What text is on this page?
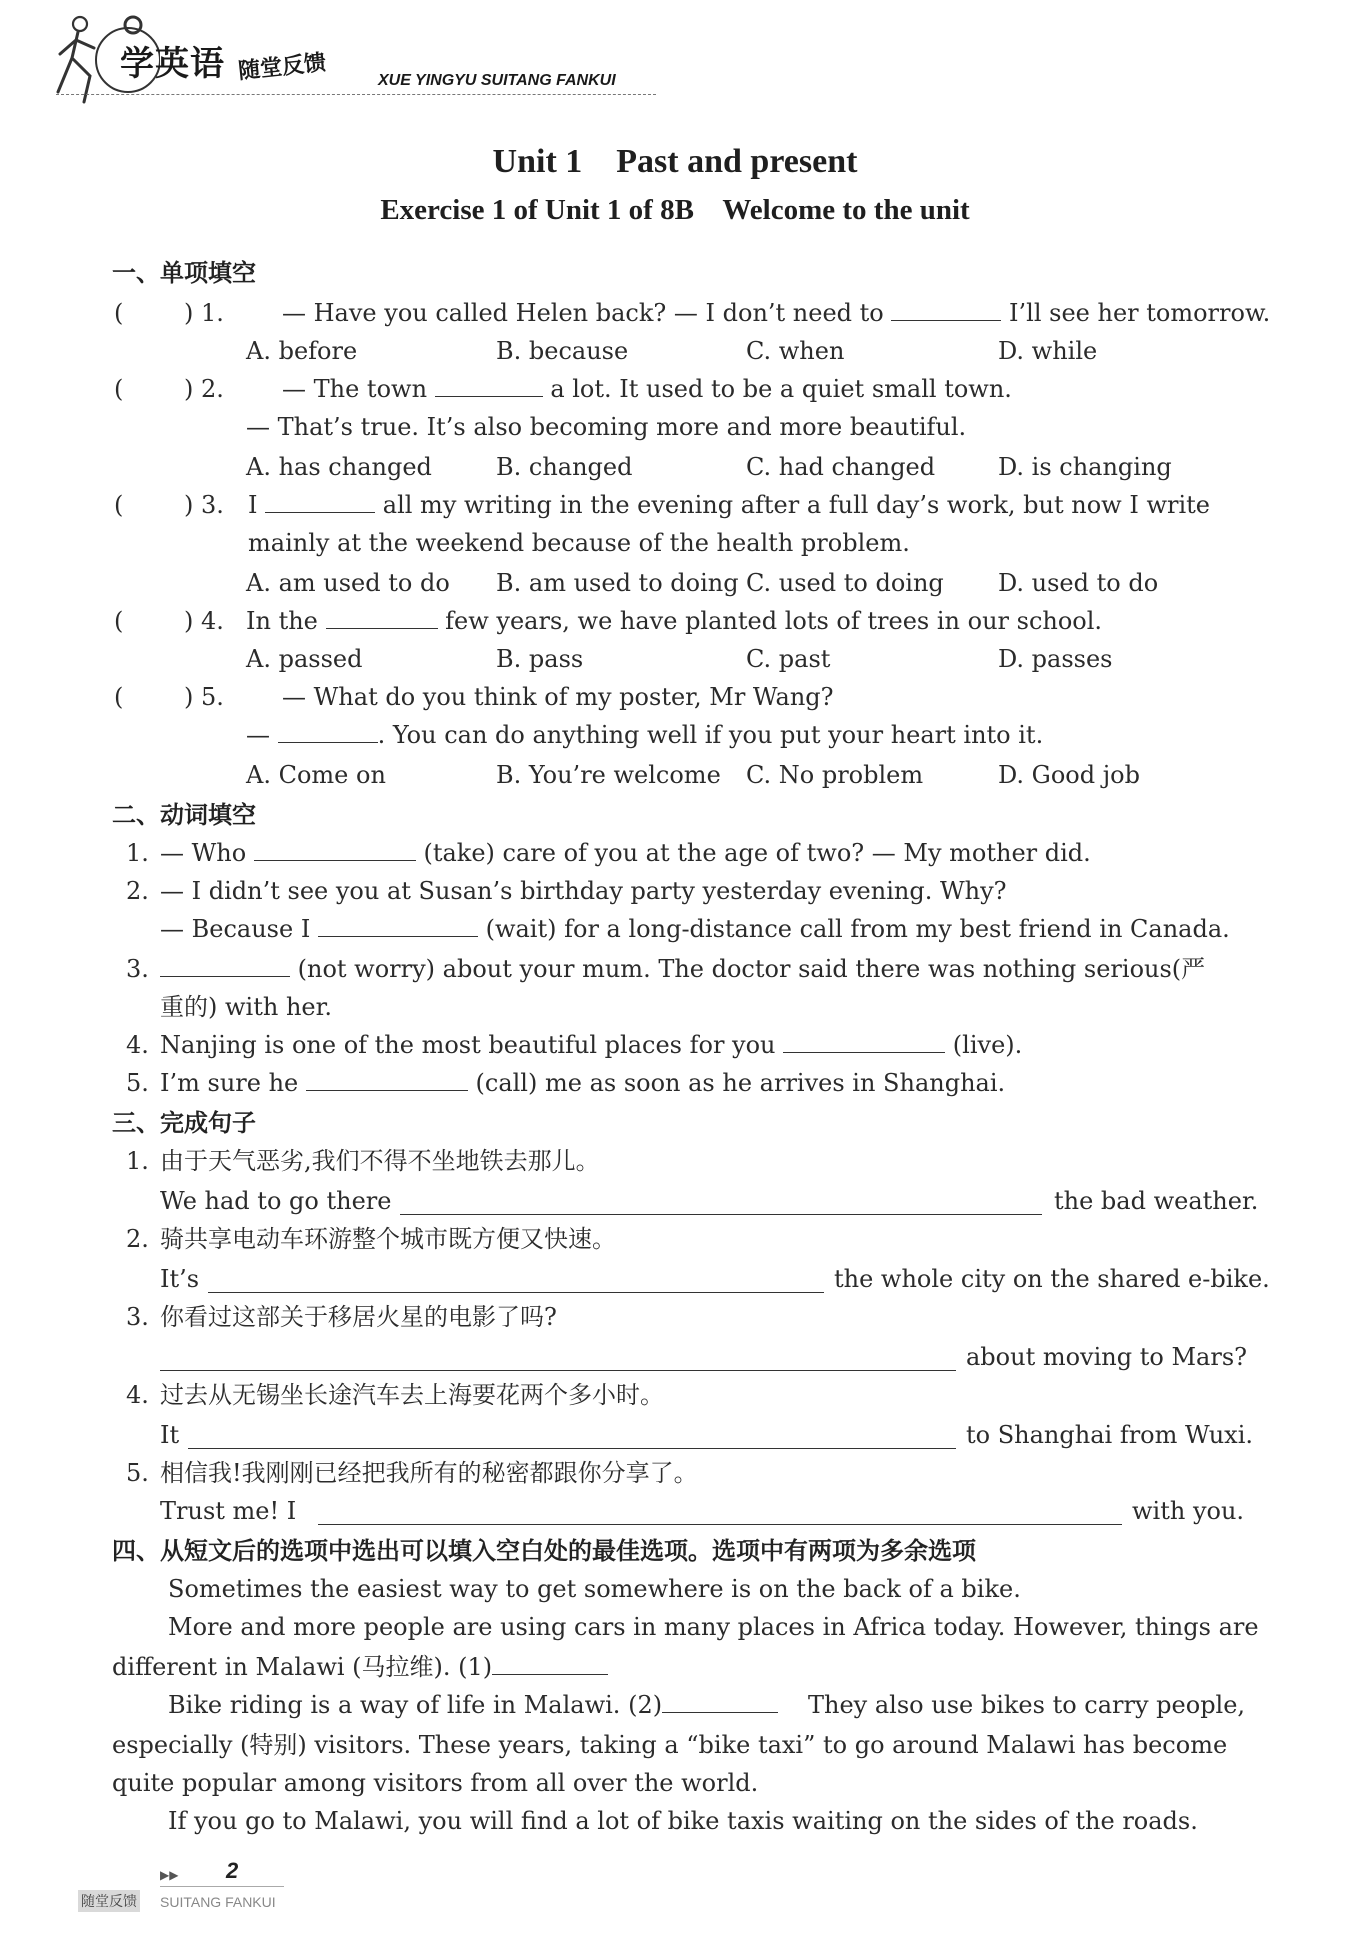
学英语 随堂反馈	XUE YINGYU SUITANG FANKUI
Unit 1    Past and present
Exercise 1 of Unit 1 of 8B    Welcome to the unit
一、单项填空
(	) 1. — Have you called Helen back? — I don’t need to	I’ll see her tomorrow.
A. before	B. because	C. when	D. while
(	) 2. — The town	a lot. It used to be a quiet small town.
— That’s true. It’s also becoming more and more beautiful.
A. has changed	B. changed	C. had changed	D. is changing
(	) 3. I	all my writing in the evening after a full day’s work, but now I write
mainly at the weekend because of the health problem.
A. am used to do B. am used to doing C. used to doing D. used to do
(	) 4. In the	few years, we have planted lots of trees in our school.
A. passed	B. pass	C. past	D. passes
(	) 5. — What do you think of my poster, Mr Wang?
—	. You can do anything well if you put your heart into it.
A. Come on	B. You’re welcome C. No problem	D. Good job
二、动词填空
1. — Who	(take) care of you at the age of two? — My mother did.
2. — I didn’t see you at Susan’s birthday party yesterday evening. Why?
— Because I	(wait) for a long-distance call from my best friend in Canada.
3.	(not worry) about your mum. The doctor said there was nothing serious(严
重的) with her.
4. Nanjing is one of the most beautiful places for you	(live).
5. I’m sure he	(call) me as soon as he arrives in Shanghai.
三、完成句子
1. 由于天气恶劣,我们不得不坐地铁去那儿。
We had to go there	the bad weather.
2. 骑共享电动车环游整个城市既方便又快速。
It’s	the whole city on the shared e-bike.
3. 你看过这部关于移居火星的电影了吗?
about moving to Mars?
4. 过去从无锡坐长途汽车去上海要花两个多小时。
It	to Shanghai from Wuxi.
5. 相信我!我刚刚已经把我所有的秘密都跟你分享了。
Trust me! I	with you.
四、从短文后的选项中选出可以填入空白处的最佳选项。选项中有两项为多余选项
Sometimes the easiest way to get somewhere is on the back of a bike.
More and more people are using cars in many places in Africa today. However, things are
different in Malawi (马拉维). (1)
Bike riding is a way of life in Malawi. (2)	They also use bikes to carry people,
especially (特别) visitors. These years, taking a “bike taxi” to go around Malawi has become
quite popular among visitors from all over the world.
If you go to Malawi, you will find a lot of bike taxis waiting on the sides of the roads.
▶▶ 2
随堂反馈 SUITANG FANKUI
